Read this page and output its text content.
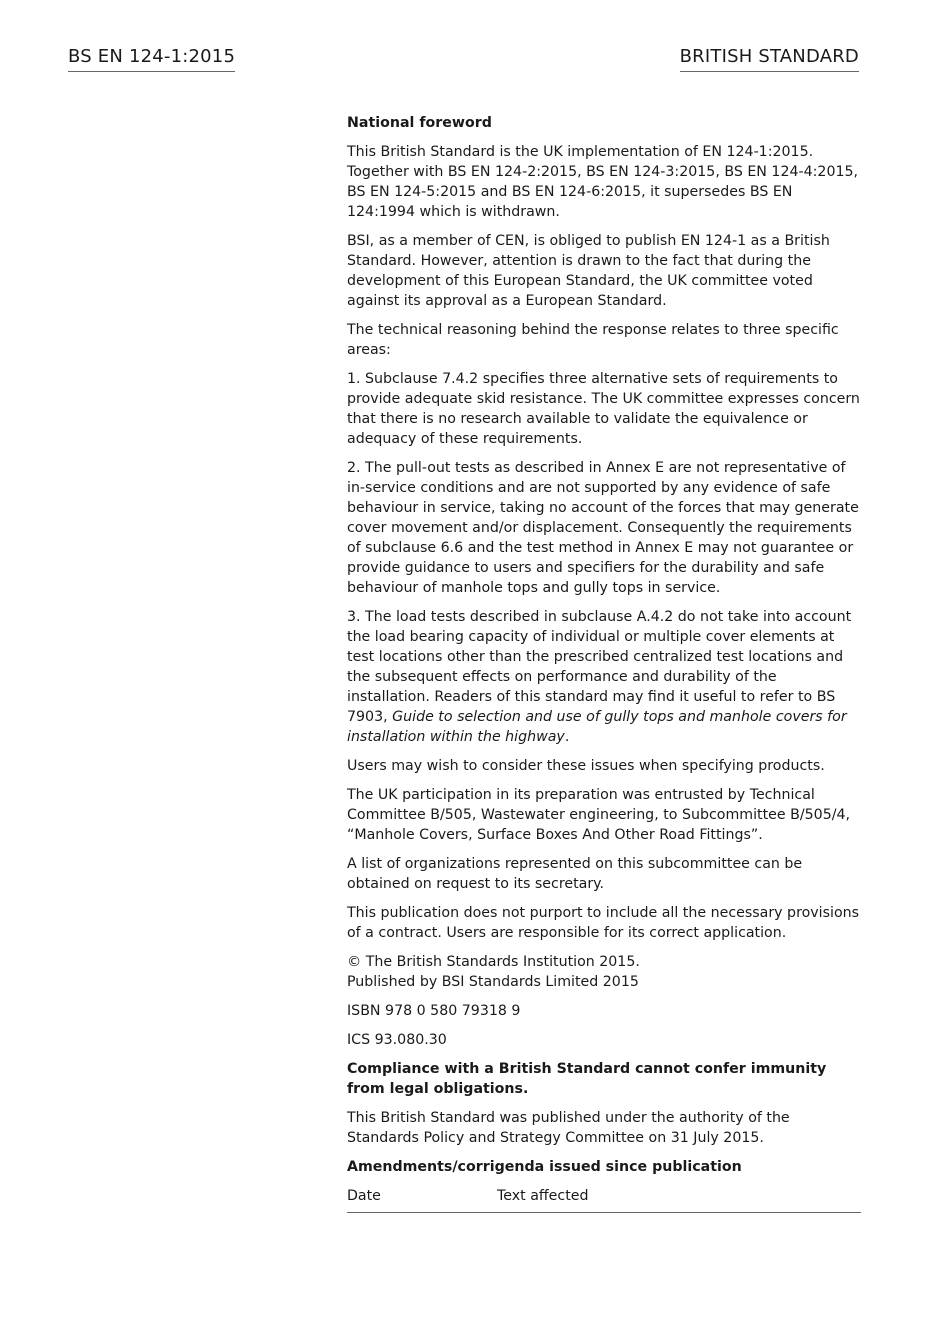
BS EN 124-1:2015	BRITISH STANDARD
National foreword

This British Standard is the UK implementation of EN 124-1:2015. Together with BS EN 124-2:2015, BS EN 124-3:2015, BS EN 124-4:2015, BS EN 124-5:2015 and BS EN 124-6:2015, it supersedes BS EN 124:1994 which is withdrawn.

BSI, as a member of CEN, is obliged to publish EN 124-1 as a British Standard. However, attention is drawn to the fact that during the development of this European Standard, the UK committee voted against its approval as a European Standard.

The technical reasoning behind the response relates to three specific areas:

1. Subclause 7.4.2 specifies three alternative sets of requirements to provide adequate skid resistance. The UK committee expresses concern that there is no research available to validate the equivalence or adequacy of these requirements.

2. The pull-out tests as described in Annex E are not representative of in-service conditions and are not supported by any evidence of safe behaviour in service, taking no account of the forces that may generate cover movement and/or displacement. Consequently the requirements of subclause 6.6 and the test method in Annex E may not guarantee or provide guidance to users and specifiers for the durability and safe behaviour of manhole tops and gully tops in service.

3. The load tests described in subclause A.4.2 do not take into account the load bearing capacity of individual or multiple cover elements at test locations other than the prescribed centralized test locations and the subsequent effects on performance and durability of the installation. Readers of this standard may find it useful to refer to BS 7903, Guide to selection and use of gully tops and manhole covers for installation within the highway.

Users may wish to consider these issues when specifying products.

The UK participation in its preparation was entrusted by Technical Committee B/505, Wastewater engineering, to Subcommittee B/505/4, “Manhole Covers, Surface Boxes And Other Road Fittings”.

A list of organizations represented on this subcommittee can be obtained on request to its secretary.

This publication does not purport to include all the necessary provisions of a contract. Users are responsible for its correct application.

© The British Standards Institution 2015.
Published by BSI Standards Limited 2015

ISBN 978 0 580 79318 9

ICS 93.080.30

Compliance with a British Standard cannot confer immunity from legal obligations.

This British Standard was published under the authority of the Standards Policy and Strategy Committee on 31 July 2015.

Amendments/corrigenda issued since publication
Date	Text affected
